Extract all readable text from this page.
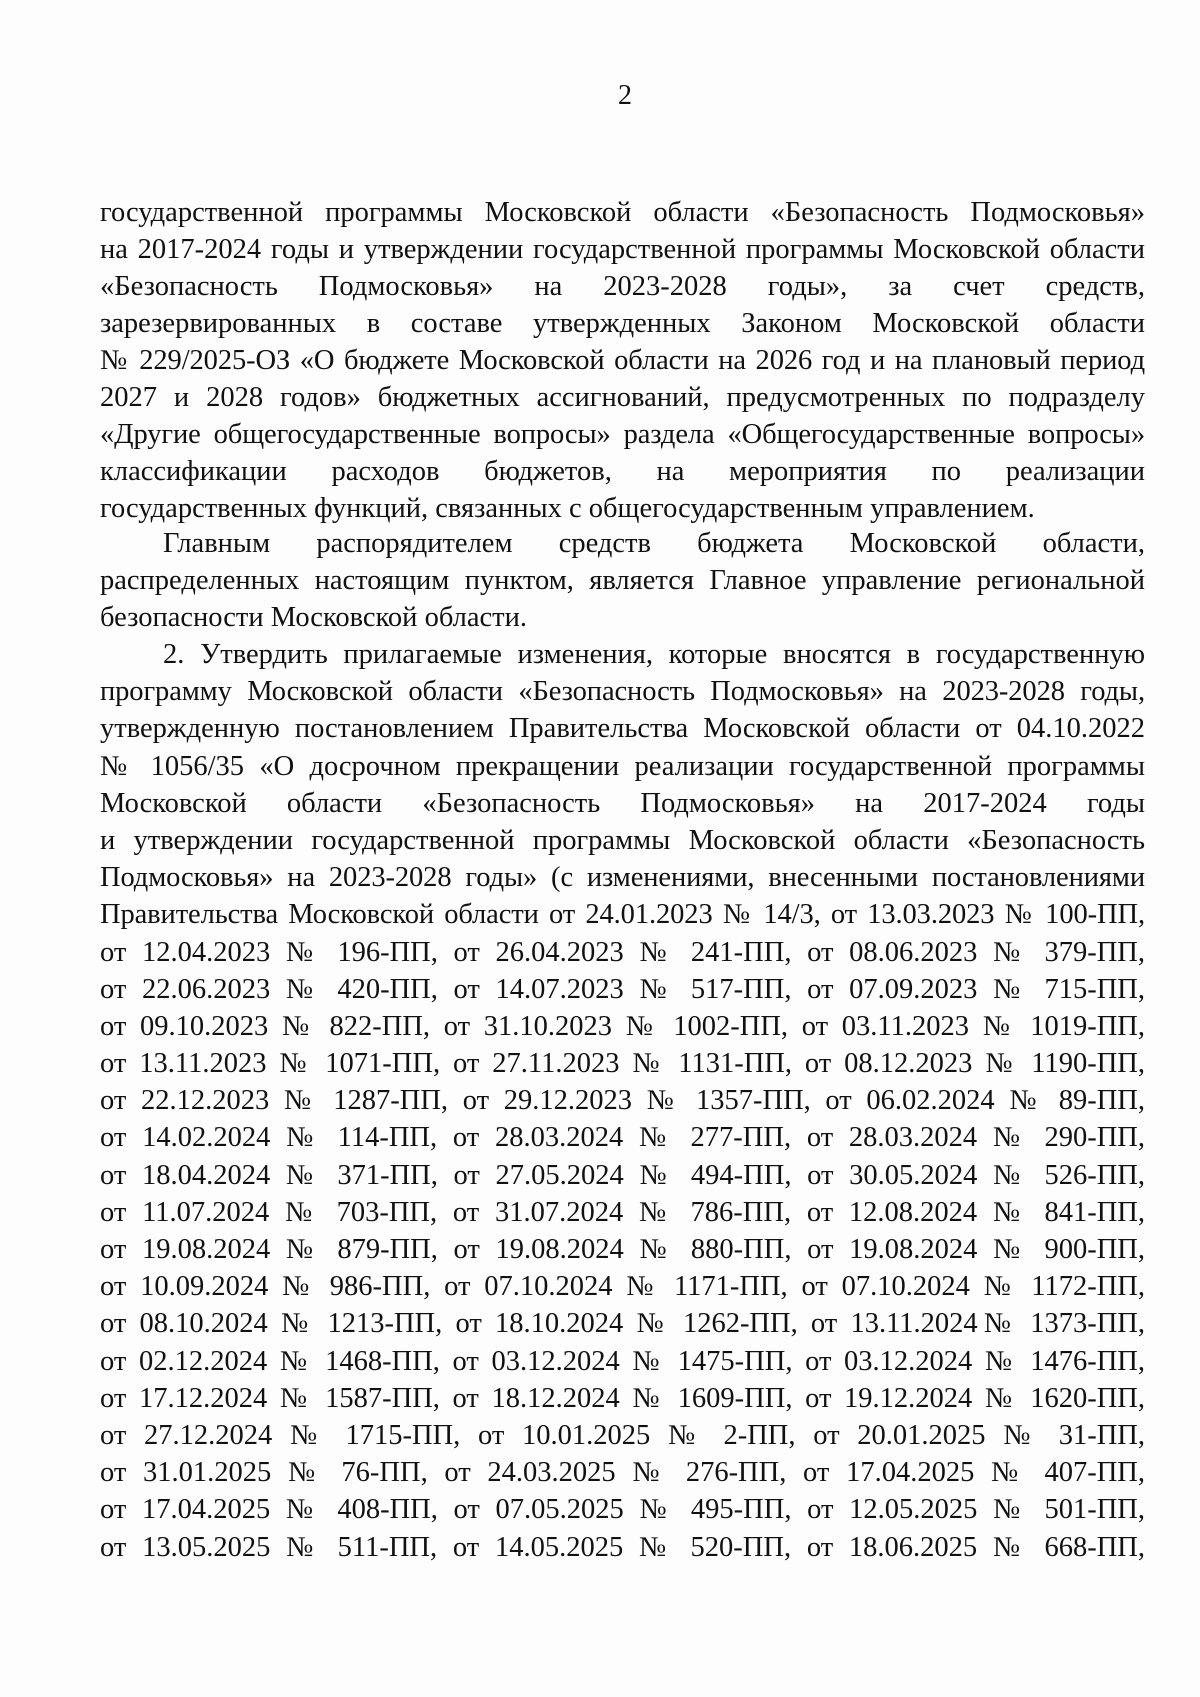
2
государственной программы Московской области «Безопасность Подмосковья»
на 2017-2024 годы и утверждении государственной программы Московской области
«Безопасность Подмосковья» на 2023-2028 годы», за счет средств,
зарезервированных в составе утвержденных Законом Московской области
№ 229/2025-ОЗ «О бюджете Московской области на 2026 год и на плановый период
2027 и 2028 годов» бюджетных ассигнований, предусмотренных по подразделу
«Другие общегосударственные вопросы» раздела «Общегосударственные вопросы»
классификации расходов бюджетов, на мероприятия по реализации
государственных функций, связанных с общегосударственным управлением.
Главным распорядителем средств бюджета Московской области,
распределенных настоящим пунктом, является Главное управление региональной
безопасности Московской области.
2. Утвердить прилагаемые изменения, которые вносятся в государственную
программу Московской области «Безопасность Подмосковья» на 2023-2028 годы,
утвержденную постановлением Правительства Московской области от 04.10.2022
№ 1056/35 «О досрочном прекращении реализации государственной программы
Московской области «Безопасность Подмосковья» на 2017-2024 годы
и утверждении государственной программы Московской области «Безопасность
Подмосковья» на 2023-2028 годы» (с изменениями, внесенными постановлениями
Правительства Московской области от 24.01.2023 № 14/3, от 13.03.2023 № 100-ПП,
от 12.04.2023 № 196-ПП, от 26.04.2023 № 241-ПП, от 08.06.2023 № 379-ПП,
от 22.06.2023 № 420-ПП, от 14.07.2023 № 517-ПП, от 07.09.2023 № 715-ПП,
от 09.10.2023 № 822-ПП, от 31.10.2023 № 1002-ПП, от 03.11.2023 № 1019-ПП,
от 13.11.2023 № 1071-ПП, от 27.11.2023 № 1131-ПП, от 08.12.2023 № 1190-ПП,
от 22.12.2023 № 1287-ПП, от 29.12.2023 № 1357-ПП, от 06.02.2024 № 89-ПП,
от 14.02.2024 № 114-ПП, от 28.03.2024 № 277-ПП, от 28.03.2024 № 290-ПП,
от 18.04.2024 № 371-ПП, от 27.05.2024 № 494-ПП, от 30.05.2024 № 526-ПП,
от 11.07.2024 № 703-ПП, от 31.07.2024 № 786-ПП, от 12.08.2024 № 841-ПП,
от 19.08.2024 № 879-ПП, от 19.08.2024 № 880-ПП, от 19.08.2024 № 900-ПП,
от 10.09.2024 № 986-ПП, от 07.10.2024 № 1171-ПП, от 07.10.2024 № 1172-ПП,
от 08.10.2024 № 1213-ПП, от 18.10.2024 № 1262-ПП, от 13.11.2024№ 1373-ПП,
от 02.12.2024 № 1468-ПП, от 03.12.2024 № 1475-ПП, от 03.12.2024 № 1476-ПП,
от 17.12.2024 № 1587-ПП, от 18.12.2024 № 1609-ПП, от 19.12.2024 № 1620-ПП,
от 27.12.2024 № 1715-ПП, от 10.01.2025 № 2-ПП, от 20.01.2025 № 31-ПП,
от 31.01.2025 № 76-ПП, от 24.03.2025 № 276-ПП, от 17.04.2025 № 407-ПП,
от 17.04.2025 № 408-ПП, от 07.05.2025 № 495-ПП, от 12.05.2025 № 501-ПП,
от 13.05.2025 № 511-ПП, от 14.05.2025 № 520-ПП, от 18.06.2025 № 668-ПП,
